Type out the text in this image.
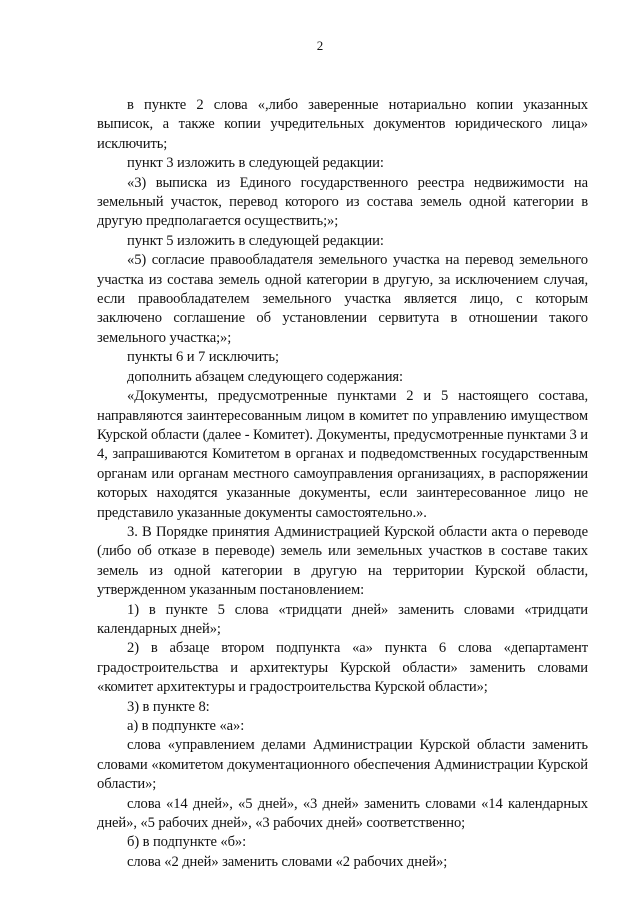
2

в пункте 2 слова «,либо заверенные нотариально копии указанных выписок, а также копии учредительных документов юридического лица» исключить;

пункт 3 изложить в следующей редакции:

«3) выписка из Единого государственного реестра недвижимости на земельный участок, перевод которого из состава земель одной категории в другую предполагается осуществить;»;

пункт 5 изложить в следующей редакции:

«5) согласие правообладателя земельного участка на перевод земельного участка из состава земель одной категории в другую, за исключением случая, если правообладателем земельного участка является лицо, с которым заключено соглашение об установлении сервитута в отношении такого земельного участка;»;

пункты 6 и 7 исключить;

дополнить абзацем следующего содержания:

«Документы, предусмотренные пунктами 2 и 5 настоящего состава, направляются заинтересованным лицом в комитет по управлению имуществом Курской области (далее - Комитет). Документы, предусмотренные пунктами 3 и 4, запрашиваются Комитетом в органах и подведомственных государственным органам или органам местного самоуправления организациях, в распоряжении которых находятся указанные документы, если заинтересованное лицо не представило указанные документы самостоятельно.».

3. В Порядке принятия Администрацией Курской области акта о переводе (либо об отказе в переводе) земель или земельных участков в составе таких земель из одной категории в другую на территории Курской области, утвержденном указанным постановлением:

1) в пункте 5 слова «тридцати дней» заменить словами «тридцати календарных дней»;

2) в абзаце втором подпункта «а» пункта 6 слова «департамент градостроительства и архитектуры Курской области» заменить словами «комитет архитектуры и градостроительства Курской области»;

3) в пункте 8:

а) в подпункте «а»:

слова «управлением делами Администрации Курской области заменить словами «комитетом документационного обеспечения Администрации Курской области»;

слова «14 дней», «5 дней», «3 дней» заменить словами «14 календарных дней», «5 рабочих дней», «3 рабочих дней» соответственно;

б) в подпункте «б»:

слова «2 дней» заменить словами «2 рабочих дней»;
